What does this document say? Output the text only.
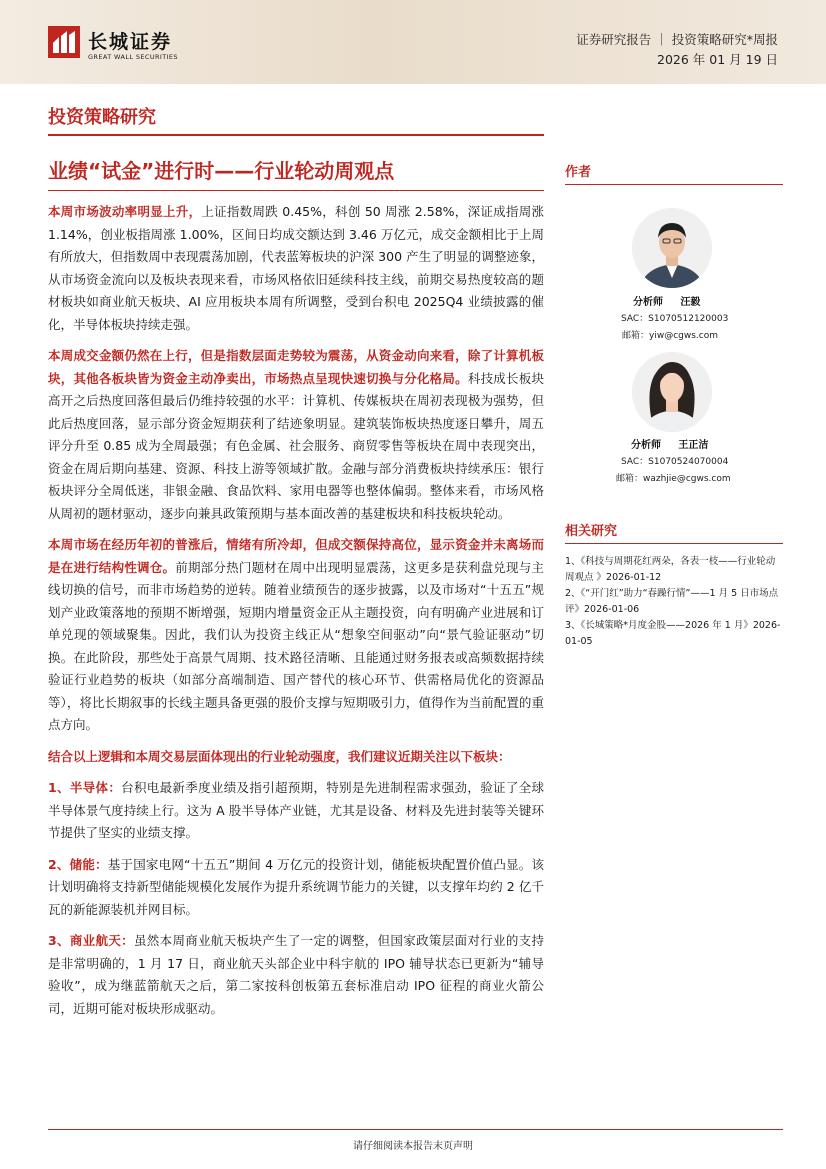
长城证券
GREAT WALL SECURITIES
证券研究报告 ｜ 投资策略研究*周报
2026 年 01 月 19 日
投资策略研究
业绩“试金”进行时——行业轮动周观点

本周市场波动率明显上升，上证指数周跌 0.45%，科创 50 周涨 2.58%，深证成指周涨 1.14%，创业板指周涨 1.00%，区间日均成交额达到 3.46 万亿元，成交金额相比于上周有所放大，但指数周中表现震荡加剧，代表蓝筹板块的沪深 300 产生了明显的调整迹象，从市场资金流向以及板块表现来看，市场风格依旧延续科技主线，前期交易热度较高的题材板块如商业航天板块、AI 应用板块本周有所调整，受到台积电 2025Q4 业绩披露的催化，半导体板块持续走强。

本周成交金额仍然在上行，但是指数层面走势较为震荡，从资金动向来看，除了计算机板块，其他各板块皆为资金主动净卖出，市场热点呈现快速切换与分化格局。科技成长板块高开之后热度回落但最后仍维持较强的水平：计算机、传媒板块在周初表现极为强势，但此后热度回落，显示部分资金短期获利了结迹象明显。建筑装饰板块热度逐日攀升，周五评分升至 0.85 成为全周最强；有色金属、社会服务、商贸零售等板块在周中表现突出，资金在周后期向基建、资源、科技上游等领域扩散。金融与部分消费板块持续承压：银行板块评分全周低迷，非银金融、食品饮料、家用电器等也整体偏弱。整体来看，市场风格从周初的题材驱动，逐步向兼具政策预期与基本面改善的基建板块和科技板块轮动。

本周市场在经历年初的普涨后，情绪有所冷却，但成交额保持高位，显示资金并未离场而是在进行结构性调仓。前期部分热门题材在周中出现明显震荡，这更多是获利盘兑现与主线切换的信号，而非市场趋势的逆转。随着业绩预告的逐步披露，以及市场对“十五五”规划产业政策落地的预期不断增强，短期内增量资金正从主题投资，向有明确产业进展和订单兑现的领域聚集。因此，我们认为投资主线正从“想象空间驱动”向“景气验证驱动”切换。在此阶段，那些处于高景气周期、技术路径清晰、且能通过财务报表或高频数据持续验证行业趋势的板块（如部分高端制造、国产替代的核心环节、供需格局优化的资源品等），将比长期叙事的长线主题具备更强的股价支撑与短期吸引力，值得作为当前配置的重点方向。

结合以上逻辑和本周交易层面体现出的行业轮动强度，我们建议近期关注以下板块：

1、半导体：台积电最新季度业绩及指引超预期，特别是先进制程需求强劲，验证了全球半导体景气度持续上行。这为 A 股半导体产业链，尤其是设备、材料及先进封装等关键环节提供了坚实的业绩支撑。

2、储能：基于国家电网“十五五”期间 4 万亿元的投资计划，储能板块配置价值凸显。该计划明确将支持新型储能规模化发展作为提升系统调节能力的关键，以支撑年均约 2 亿千瓦的新能源装机并网目标。

3、商业航天：虽然本周商业航天板块产生了一定的调整，但国家政策层面对行业的支持是非常明确的，1 月 17 日，商业航天头部企业中科宇航的 IPO 辅导状态已更新为“辅导验收”，成为继蓝箭航天之后，第二家按科创板第五套标准启动 IPO 征程的商业火箭公司，近期可能对板块形成驱动。

作者
分析师 汪毅
SAC：S1070512120003
邮箱：yiw@cgws.com
分析师 王正洁
SAC：S1070524070004
邮箱：wazhjie@cgws.com
相关研究
1、《科技与周期花红两朵，各表一枝——行业轮动周观点 》2026-01-12
2、《“开门红”助力“春躁行情”——1 月 5 日市场点评》2026-01-06
3、《长城策略*月度金股——2026 年 1 月》2026-01-05
请仔细阅读本报告末页声明
